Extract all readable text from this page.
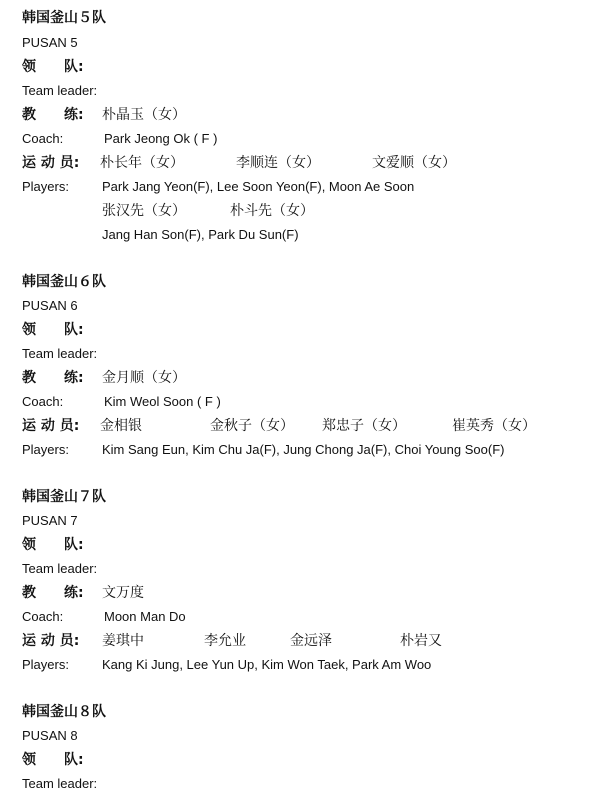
韩国釜山５队
PUSAN 5
领　　队:
Team leader:
教　　练: 朴晶玉（女）
Coach:	Park Jeong Ok ( F )
运 动 员: 朴长年（女）	李顺连（女）	文爱顺（女）
Players:	Park Jang Yeon(F), Lee Soon Yeon(F), Moon Ae Soon
张汉先（女）	朴斗先（女）
Jang Han Son(F), Park Du Sun(F)
韩国釜山６队
PUSAN 6
领　　队:
Team leader:
教　　练: 金月顺（女）
Coach:	Kim Weol Soon ( F )
运 动 员: 金相银	金秋子（女） 郑忠子（女）	崔英秀（女）
Players:	Kim Sang Eun, Kim Chu Ja(F), Jung Chong Ja(F), Choi Young Soo(F)
韩国釜山７队
PUSAN 7
领　　队:
Team leader:
教　　练: 文万度
Coach:	Moon Man Do
运 动 员: 姜琪中	李允业	金远泽	朴岩又
Players:	Kang Ki Jung, Lee Yun Up, Kim Won Taek, Park Am Woo
韩国釜山８队
PUSAN 8
领　　队:
Team leader:
